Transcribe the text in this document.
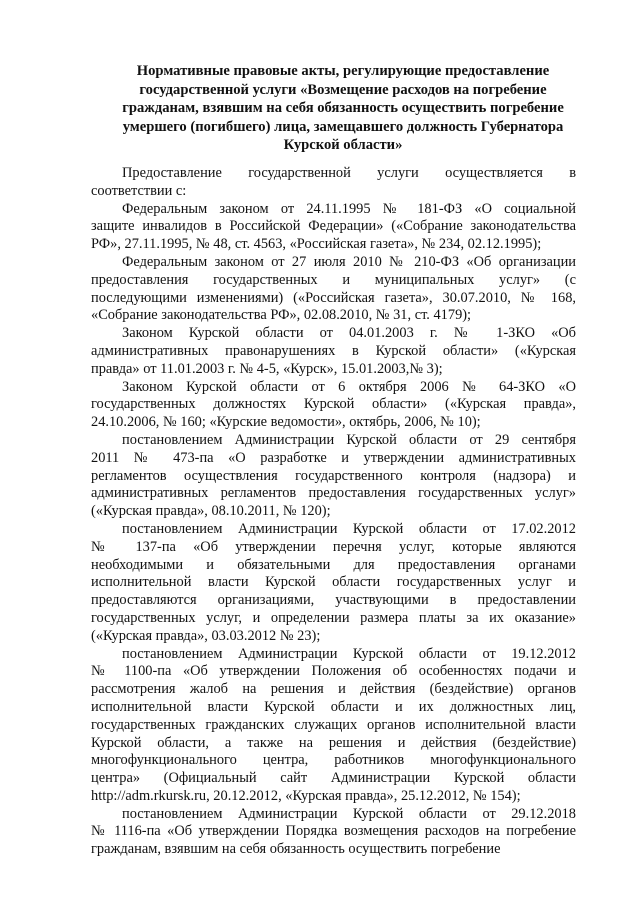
Нормативные правовые акты, регулирующие предоставление
государственной услуги «Возмещение расходов на погребение
гражданам, взявшим на себя обязанность осуществить погребение
умершего (погибшего) лица, замещавшего должность Губернатора
Курской области»
Предоставление государственной услуги осуществляется в
соответствии с:
Федеральным законом от 24.11.1995 № 181-ФЗ «О социальной
защите инвалидов в Российской Федерации» («Собрание законодательства
РФ», 27.11.1995, № 48, ст. 4563, «Российская газета», № 234, 02.12.1995);
Федеральным законом от 27 июля 2010 № 210-ФЗ «Об организации
предоставления государственных и муниципальных услуг» (с
последующими изменениями) («Российская газета», 30.07.2010, № 168,
«Собрание законодательства РФ», 02.08.2010, № 31, ст. 4179);
Законом Курской области от 04.01.2003 г. № 1-ЗКО «Об
административных правонарушениях в Курской области» («Курская
правда» от 11.01.2003 г. № 4-5, «Курск», 15.01.2003,№ 3);
Законом Курской области от 6 октября 2006 № 64-ЗКО «О
государственных должностях Курской области» («Курская правда»,
24.10.2006, № 160; «Курские ведомости», октябрь, 2006, № 10);
постановлением Администрации Курской области от 29 сентября
2011 № 473-па «О разработке и утверждении административных
регламентов осуществления государственного контроля (надзора) и
административных регламентов предоставления государственных услуг»
(«Курская правда», 08.10.2011, № 120);
постановлением Администрации Курской области от 17.02.2012
№ 137-па «Об утверждении перечня услуг, которые являются
необходимыми и обязательными для предоставления органами
исполнительной власти Курской области государственных услуг и
предоставляются организациями, участвующими в предоставлении
государственных услуг, и определении размера платы за их оказание»
(«Курская правда», 03.03.2012 № 23);
постановлением Администрации Курской области от 19.12.2012
№ 1100-па «Об утверждении Положения об особенностях подачи и
рассмотрения жалоб на решения и действия (бездействие) органов
исполнительной власти Курской области и их должностных лиц,
государственных гражданских служащих органов исполнительной власти
Курской области, а также на решения и действия (бездействие)
многофункционального центра, работников многофункционального
центра» (Официальный сайт Администрации Курской области
http://adm.rkursk.ru, 20.12.2012, «Курская правда», 25.12.2012, № 154);
постановлением Администрации Курской области от 29.12.2018
№ 1116-па «Об утверждении Порядка возмещения расходов на погребение
гражданам, взявшим на себя обязанность осуществить погребение
